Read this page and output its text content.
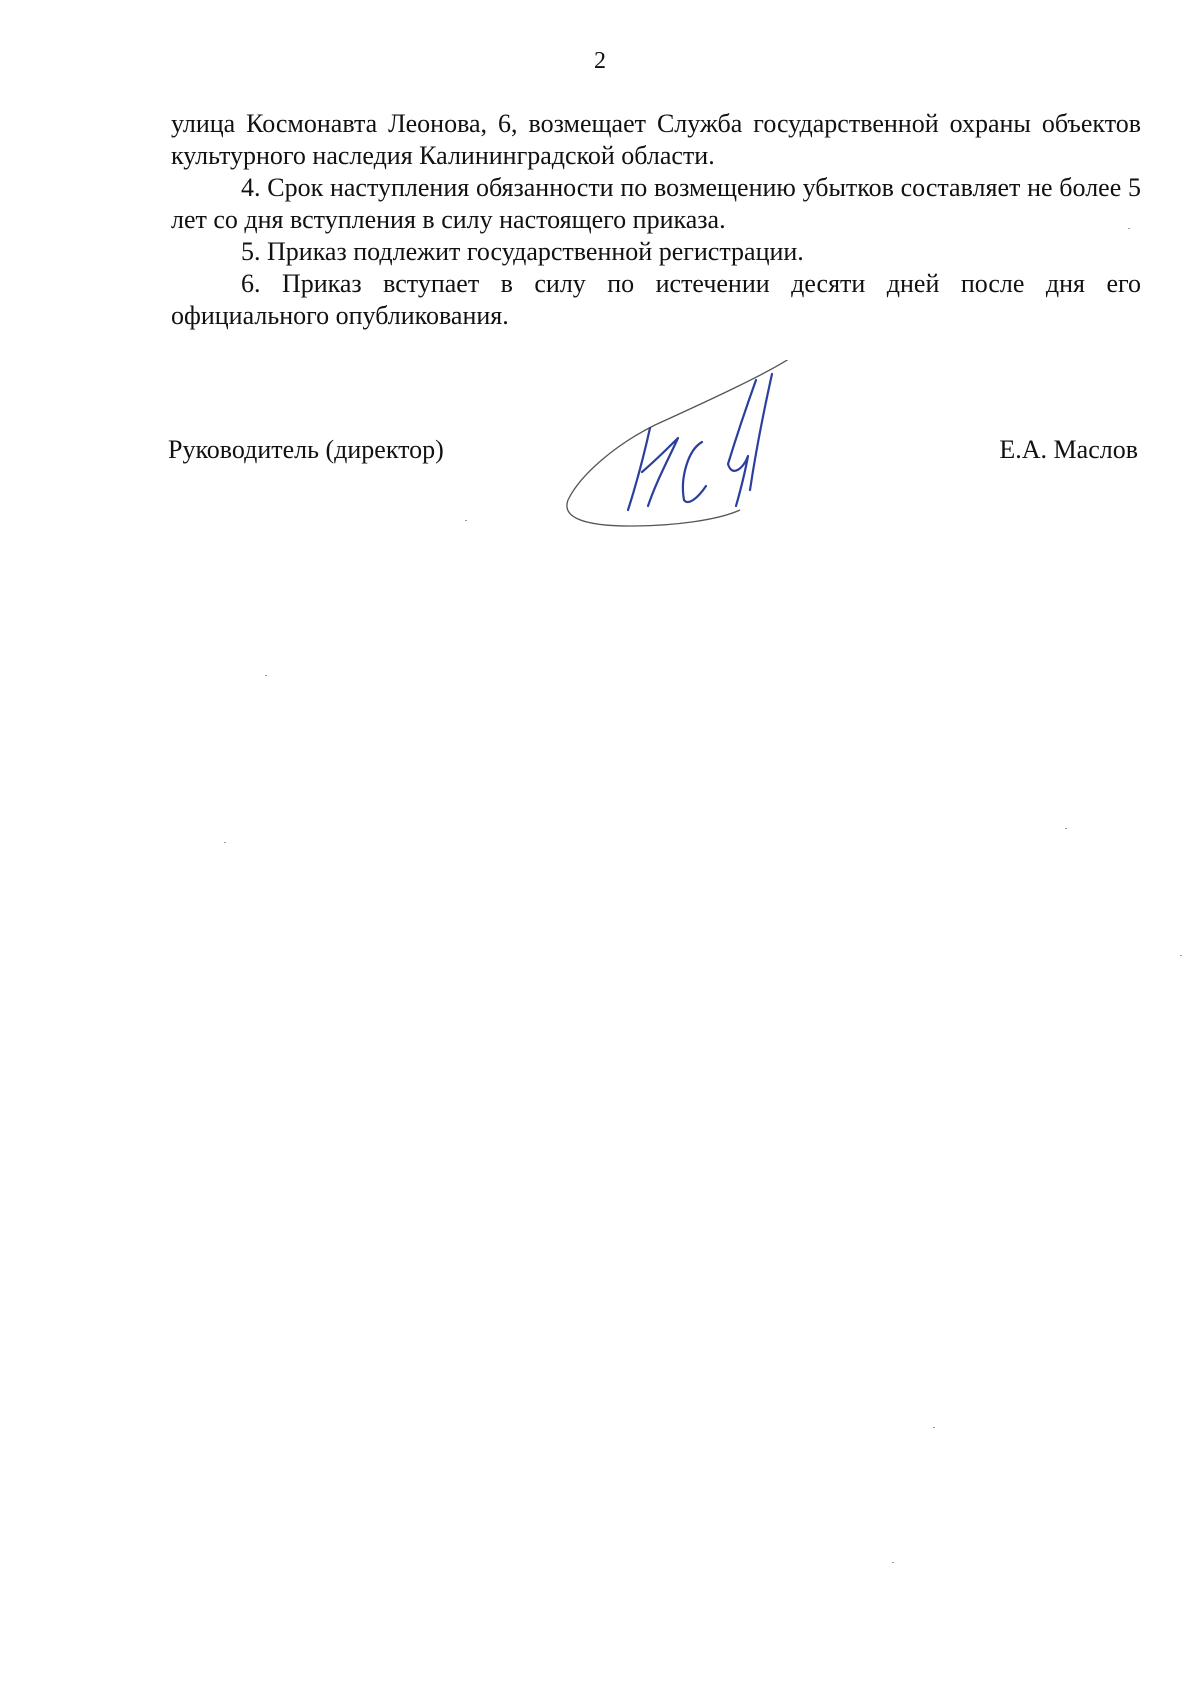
2

улица Космонавта Леонова, 6, возмещает Служба государственной охраны объектов культурного наследия Калининградской области.

4. Срок наступления обязанности по возмещению убытков составляет не более 5 лет со дня вступления в силу настоящего приказа.

5. Приказ подлежит государственной регистрации.

6. Приказ вступает в силу по истечении десяти дней после дня его официального опубликования.

Руководитель (директор)	Е.А. Маслов
